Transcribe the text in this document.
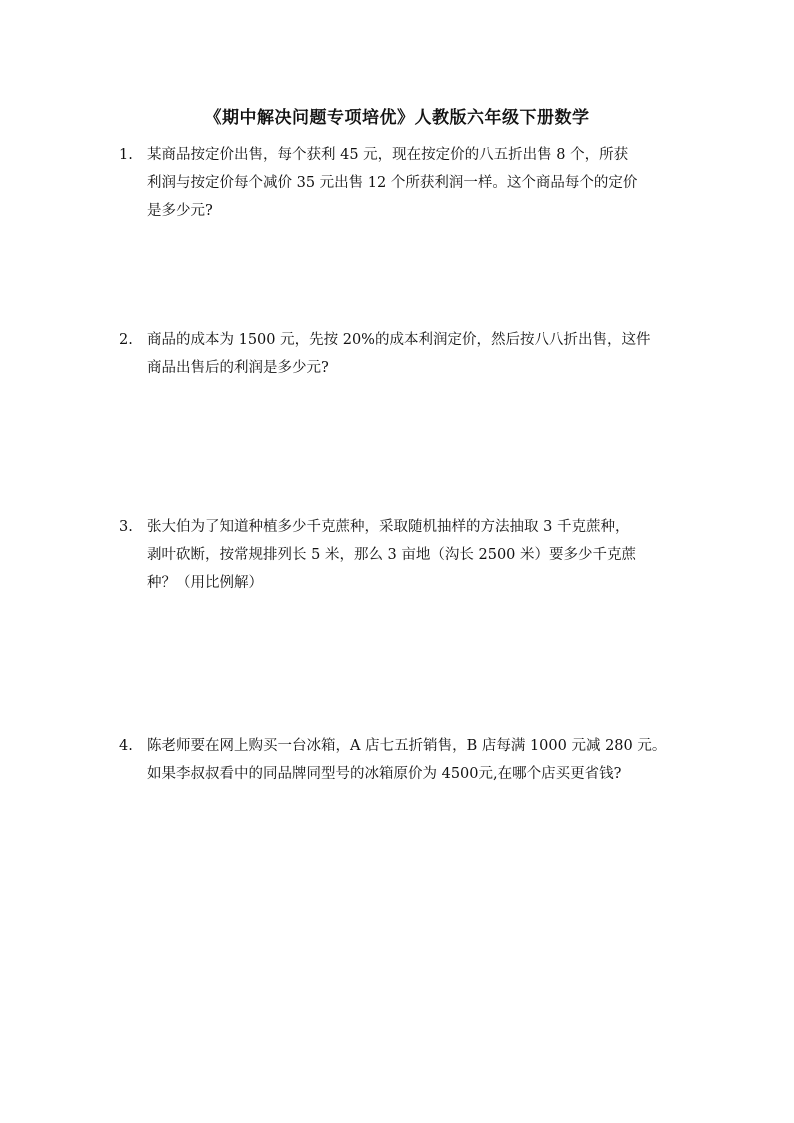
《期中解决问题专项培优》人教版六年级下册数学
1. 某商品按定价出售，每个获利 45 元，现在按定价的八五折出售 8 个，所获
利润与按定价每个减价 35 元出售 12 个所获利润一样。这个商品每个的定价
是多少元?
2. 商品的成本为 1500 元，先按 20%的成本利润定价，然后按八八折出售，这件
商品出售后的利润是多少元?
3. 张大伯为了知道种植多少千克蔗种，采取随机抽样的方法抽取 3 千克蔗种，
剥叶砍断，按常规排列长 5 米，那么 3 亩地（沟长 2500 米）要多少千克蔗
种？（用比例解）
4. 陈老师要在网上购买一台冰箱，A 店七五折销售，B 店每满 1000 元减 280 元。
如果李叔叔看中的同品牌同型号的冰箱原价为 4500元,在哪个店买更省钱?
